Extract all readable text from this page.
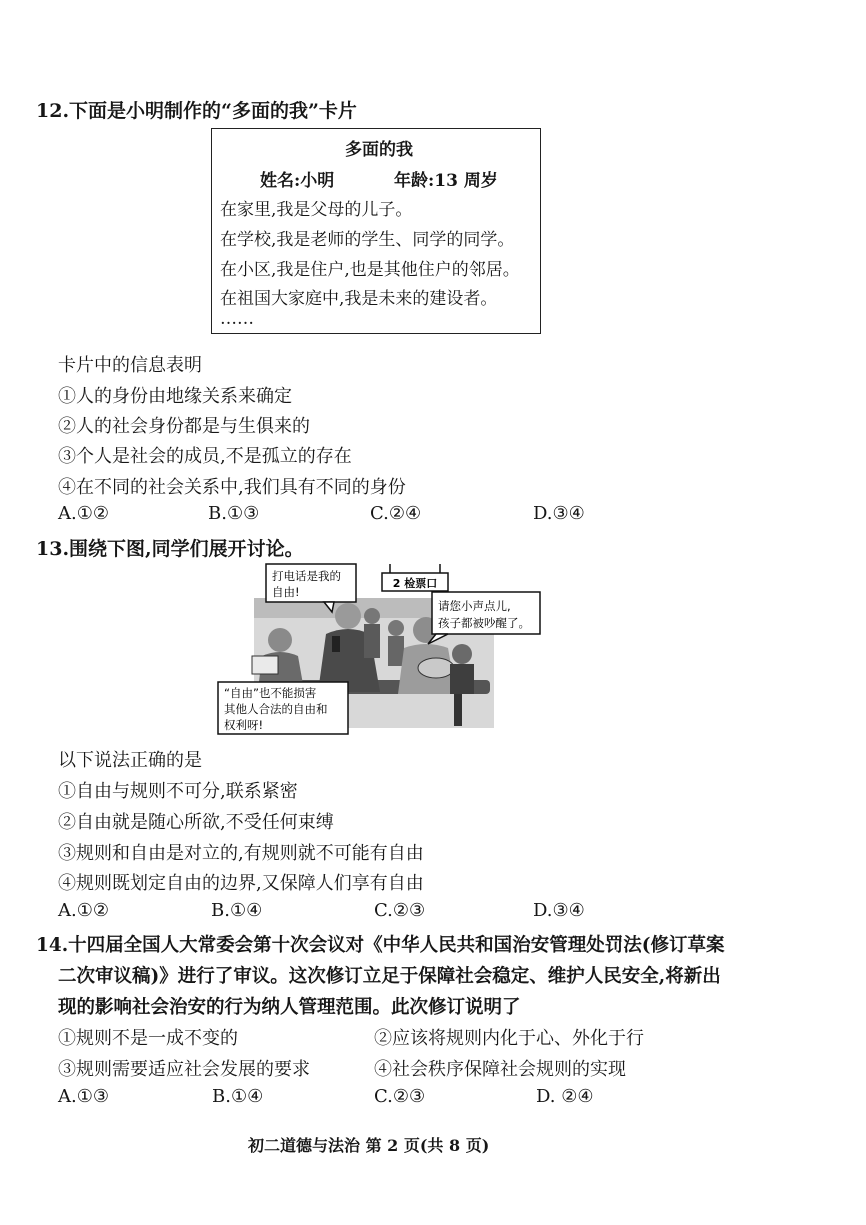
12.下面是小明制作的“多面的我”卡片
多面的我
姓名:小明	年龄:13 周岁
在家里,我是父母的儿子。
在学校,我是老师的学生、同学的同学。
在小区,我是住户,也是其他住户的邻居。
在祖国大家庭中,我是未来的建设者。
……
卡片中的信息表明
①人的身份由地缘关系来确定
②人的社会身份都是与生俱来的
③个人是社会的成员,不是孤立的存在
④在不同的社会关系中,我们具有不同的身份
A.①②	B.①③	C.②④	D.③④
13.围绕下图,同学们展开讨论。
2 检票口
打电话是我的
自由!
请您小声点儿,
孩子都被吵醒了。
“自由”也不能损害
其他人合法的自由和
权利呀!
以下说法正确的是
①自由与规则不可分,联系紧密
②自由就是随心所欲,不受任何束缚
③规则和自由是对立的,有规则就不可能有自由
④规则既划定自由的边界,又保障人们享有自由
A.①②	B.①④	C.②③	D.③④
14.十四届全国人大常委会第十次会议对《中华人民共和国治安管理处罚法(修订草案
二次审议稿)》进行了审议。这次修订立足于保障社会稳定、维护人民安全,将新出
现的影响社会治安的行为纳人管理范围。此次修订说明了
①规则不是一成不变的	②应该将规则内化于心、外化于行
③规则需要适应社会发展的要求	④社会秩序保障社会规则的实现
A.①③	B.①④	C.②③	D. ②④
初二道德与法治 第 2 页(共 8 页)
